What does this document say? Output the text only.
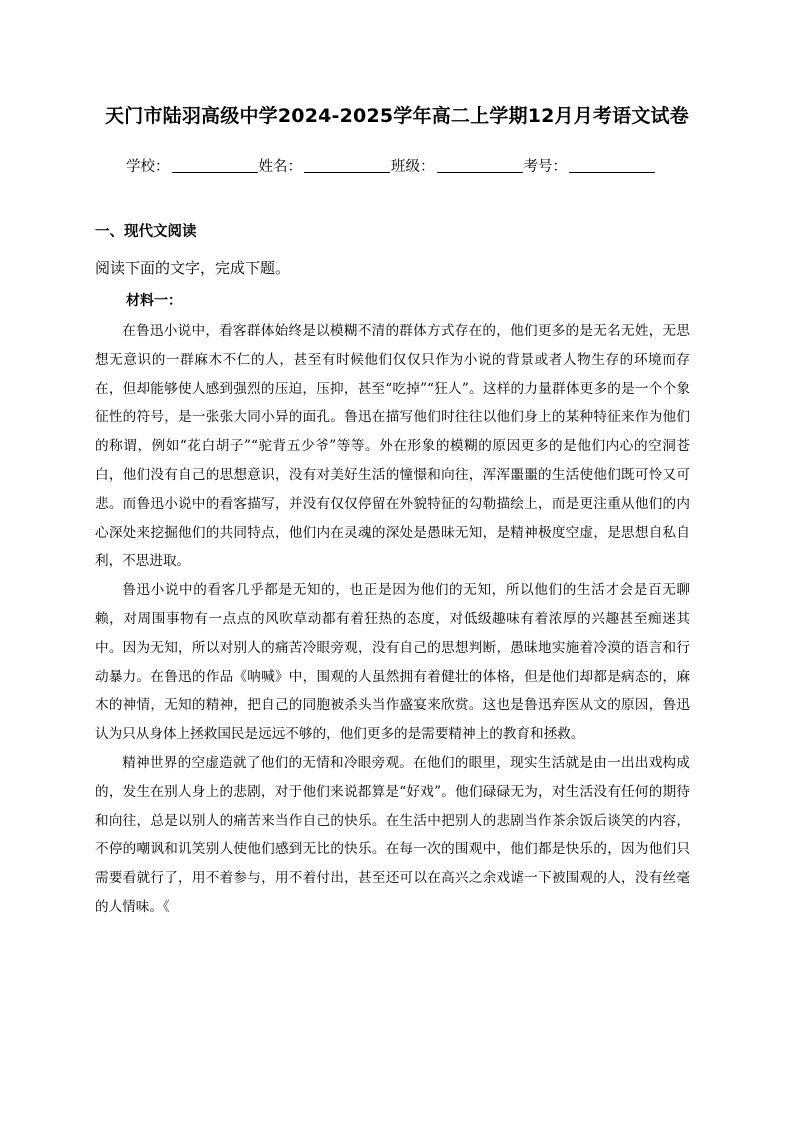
天门市陆羽高级中学2024-2025学年高二上学期12月月考语文试卷
学校：	姓名：	班级：	考号：
一、现代文阅读
阅读下面的文字，完成下题。
材料一：

在鲁迅小说中，看客群体始终是以模糊不清的群体方式存在的，他们更多的是无名无姓，无思想无意识的一群麻木不仁的人，甚至有时候他们仅仅只作为小说的背景或者人物生存的环境而存在，但却能够使人感到强烈的压迫，压抑，甚至“吃掉”“狂人”。这样的力量群体更多的是一个个象征性的符号，是一张张大同小异的面孔。鲁迅在描写他们时往往以他们身上的某种特征来作为他们的称谓，例如“花白胡子”“驼背五少爷”等等。外在形象的模糊的原因更多的是他们内心的空洞苍白，他们没有自己的思想意识，没有对美好生活的憧憬和向往，浑浑噩噩的生活使他们既可怜又可悲。而鲁迅小说中的看客描写，并没有仅仅停留在外貌特征的勾勒描绘上，而是更注重从他们的内心深处来挖掘他们的共同特点，他们内在灵魂的深处是愚昧无知，是精神极度空虚，是思想自私自利，不思进取。

鲁迅小说中的看客几乎都是无知的，也正是因为他们的无知，所以他们的生活才会是百无聊赖，对周围事物有一点点的风吹草动都有着狂热的态度，对低级趣味有着浓厚的兴趣甚至痴迷其中。因为无知，所以对别人的痛苦冷眼旁观，没有自己的思想判断，愚昧地实施着冷漠的语言和行动暴力。在鲁迅的作品《呐喊》中，围观的人虽然拥有着健壮的体格，但是他们却都是病态的，麻木的神情，无知的精神，把自己的同胞被杀头当作盛宴来欣赏。这也是鲁迅弃医从文的原因，鲁迅认为只从身体上拯救国民是远远不够的，他们更多的是需要精神上的教育和拯救。

精神世界的空虚造就了他们的无情和冷眼旁观。在他们的眼里，现实生活就是由一出出戏构成的，发生在别人身上的悲剧，对于他们来说都算是“好戏”。他们碌碌无为，对生活没有任何的期待和向往，总是以别人的痛苦来当作自己的快乐。在生活中把别人的悲剧当作茶余饭后谈笑的内容，不停的嘲讽和讥笑别人使他们感到无比的快乐。在每一次的围观中，他们都是快乐的，因为他们只需要看就行了，用不着参与，用不着付出，甚至还可以在高兴之余戏谑一下被围观的人，没有丝毫的人情味。《
